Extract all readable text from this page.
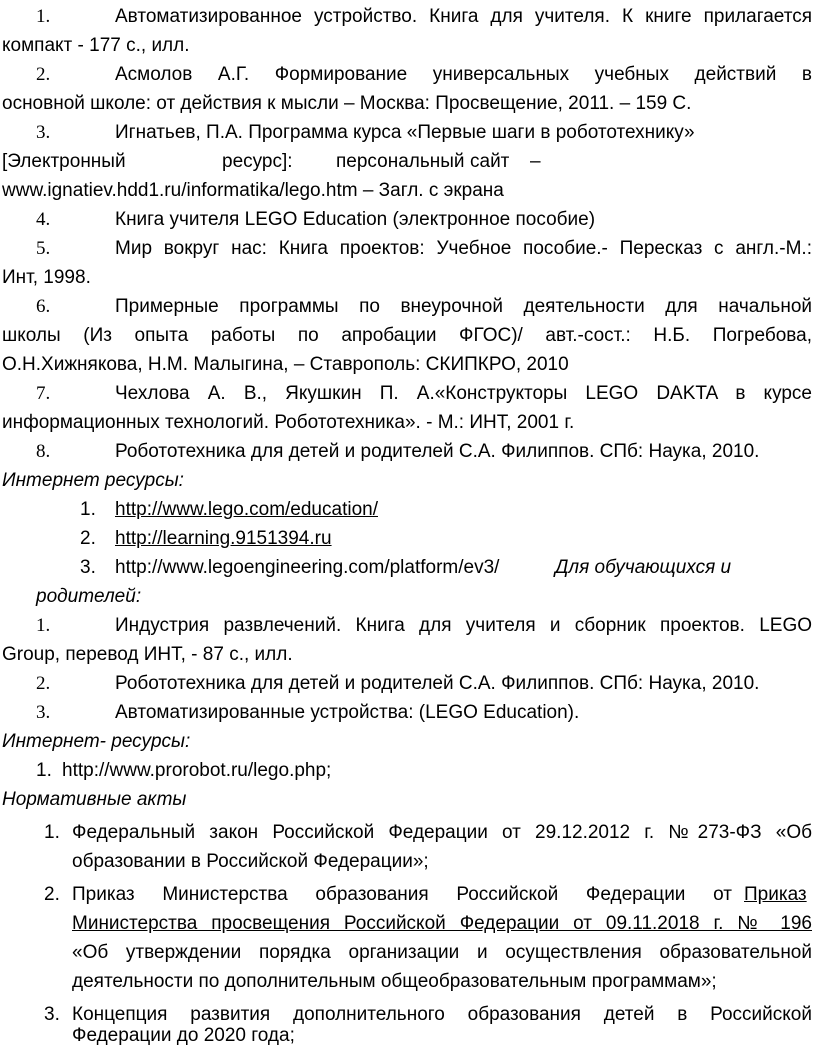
1.	Автоматизированное устройство. Книга для учителя. К книге прилагается
компакт - 177 с., илл.
2.	Асмолов А.Г. Формирование универсальных учебных действий в
основной школе: от действия к мысли – Москва: Просвещение, 2011. – 159 С.
3.	Игнатьев, П.А. Программа курса «Первые шаги в робототехнику»
[Электронный	ресурс]: персональный сайт –
www.ignatiev.hdd1.ru/informatika/lego.htm – Загл. с экрана
4.	Книга учителя LEGO Education (электронное пособие)
5.	Мир вокруг нас: Книга проектов: Учебное пособие.- Пересказ с англ.-М.:
Инт, 1998.
6.	Примерные программы по внеурочной деятельности для начальной
школы (Из опыта работы по апробации ФГОС)/ авт.-сост.: Н.Б. Погребова,
О.Н.Хижнякова, Н.М. Малыгина, – Ставрополь: СКИПКРО, 2010
7.	Чехлова А. В., Якушкин П. А.«Конструкторы LEGO DAKTA в курсе
информационных технологий. Робототехника». - М.: ИНТ, 2001 г.
8.	Робототехника для детей и родителей С.А. Филиппов. СПб: Наука, 2010.
Интернет ресурсы:
1. http://www.lego.com/education/
2. http://learning.9151394.ru
3. http://www.legoengineering.com/platform/ev3/	Для обучающихся и
родителей:
1.	Индустрия развлечений. Книга для учителя и сборник проектов. LEGO
Group, перевод ИНТ, - 87 с., илл.
2.	Робототехника для детей и родителей С.А. Филиппов. СПб: Наука, 2010.
3.	Автоматизированные устройства: (LEGO Education).
Интернет- ресурсы:
1. http://www.prorobot.ru/lego.php;
Нормативные акты
1. Федеральный закон Российской Федерации от 29.12.2012 г. №273-ФЗ «Об
образовании в Российской Федерации»;
2. Приказ Министерства образования Российской Федерации от Приказ
Министерства просвещения Российской Федерации от 09.11.2018 г. № 196
«Об утверждении порядка организации и осуществления образовательной
деятельности по дополнительным общеобразовательным программам»;
3. Концепция развития дополнительного образования детей в Российской
Федерации до 2020 года;
